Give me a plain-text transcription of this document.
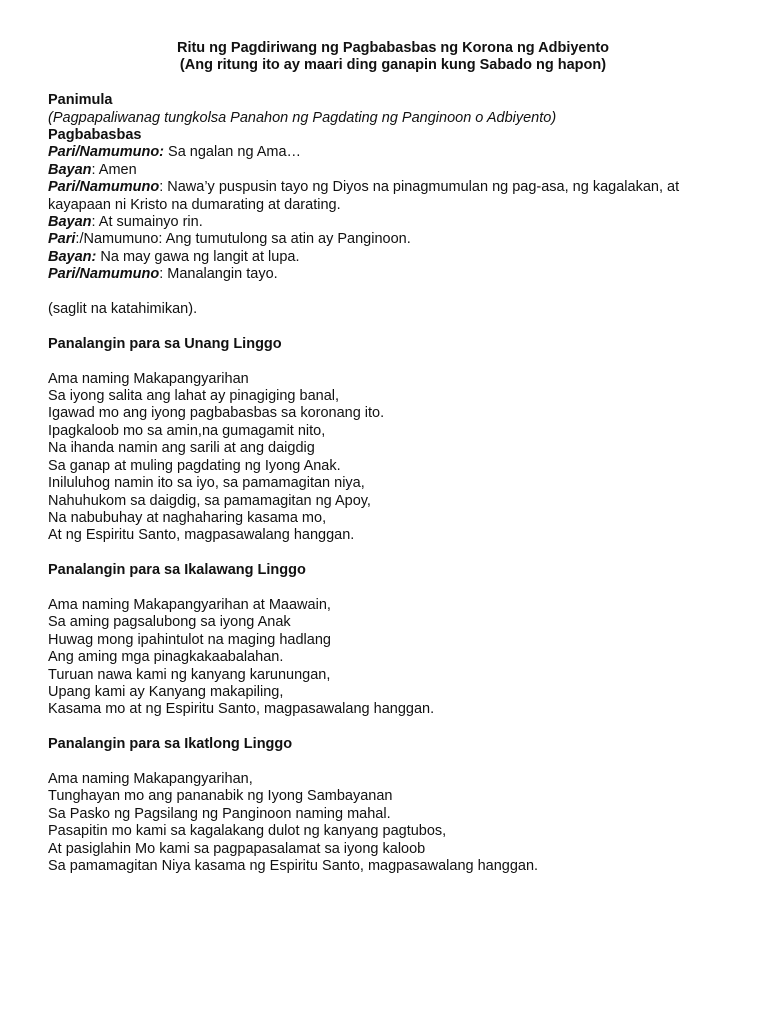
Ritu ng Pagdiriwang ng Pagbabasbas ng Korona ng Adbiyento

(Ang ritung ito ay maari ding ganapin kung Sabado ng hapon)

Panimula
(Pagpapaliwanag tungkolsa Panahon ng Pagdating ng Panginoon o Adbiyento)
Pagbabasbas
Pari/Namumuno: Sa ngalan ng Ama…
Bayan: Amen
Pari/Namumuno: Nawa’y puspusin tayo ng Diyos na pinagmumulan ng pag-asa, ng kagalakan, at kayapaan ni Kristo na dumarating at darating.
Bayan: At sumainyo rin.
Pari:/Namumuno: Ang tumutulong sa atin ay Panginoon.
Bayan: Na may gawa ng langit at lupa.
Pari/Namumuno: Manalangin tayo.
(saglit na katahimikan).
Panalangin para sa Unang Linggo
Ama naming Makapangyarihan
Sa iyong salita ang lahat ay pinagiging banal,
Igawad mo ang iyong pagbabasbas sa koronang ito.
Ipagkaloob mo sa amin,na gumagamit nito,
Na ihanda namin ang sarili at ang daigdig
Sa ganap at muling pagdating ng Iyong Anak.
Iniluluhog namin ito sa iyo, sa pamamagitan niya,
Nahuhukom sa daigdig, sa pamamagitan ng Apoy,
Na nabubuhay at naghaharing kasama mo,
At ng Espiritu Santo, magpasawalang hanggan.
Panalangin para sa Ikalawang Linggo
Ama naming Makapangyarihan at Maawain,
Sa aming pagsalubong sa iyong Anak
Huwag mong ipahintulot na maging hadlang
Ang aming mga pinagkakaabalahan.
Turuan nawa kami ng kanyang karunungan,
Upang kami ay Kanyang makapiling,
Kasama mo at ng Espiritu Santo, magpasawalang hanggan.
Panalangin para sa Ikatlong Linggo
Ama naming Makapangyarihan,
Tunghayan mo ang pananabik ng Iyong Sambayanan
Sa Pasko ng Pagsilang ng Panginoon naming mahal.
Pasapitin mo kami sa kagalakang dulot ng kanyang pagtubos,
At pasiglahin Mo kami sa pagpapasalamat sa iyong kaloob
Sa pamamagitan Niya kasama ng Espiritu Santo, magpasawalang hanggan.
